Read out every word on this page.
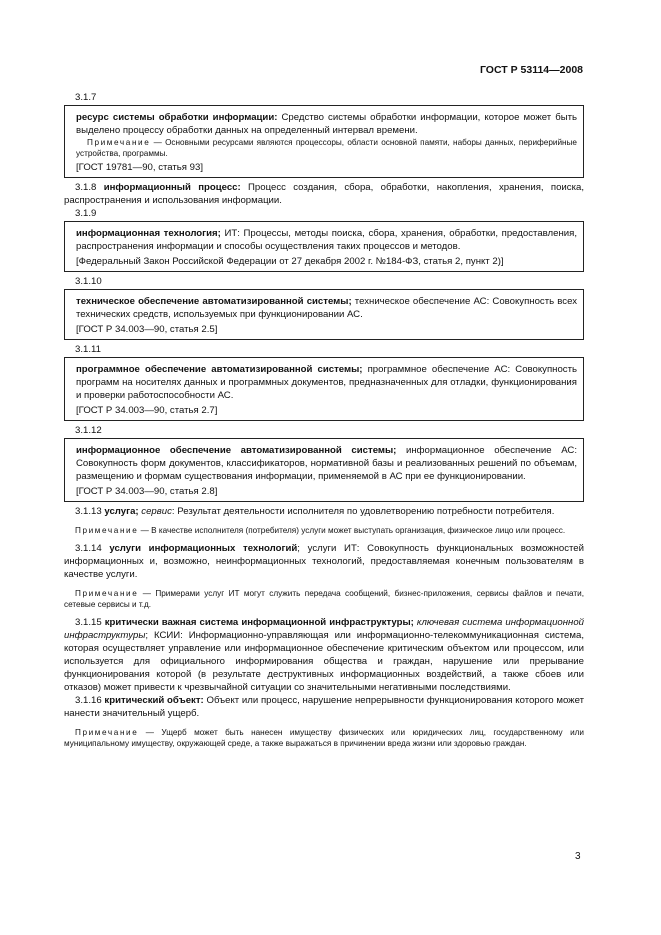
ГОСТ Р 53114—2008

3.1.7

ресурс системы обработки информации: Средство системы обработки информации, которое может быть выделено процессу обработки данных на определенный интервал времени.

Примечание — Основными ресурсами являются процессоры, области основной памяти, наборы данных, периферийные устройства, программы.

[ГОСТ 19781—90, статья 93]

3.1.8 информационный процесс: Процесс создания, сбора, обработки, накопления, хранения, поиска, распространения и использования информации.

3.1.9

информационная технология; ИТ: Процессы, методы поиска, сбора, хранения, обработки, предоставления, распространения информации и способы осуществления таких процессов и методов.

[Федеральный Закон Российской Федерации от 27 декабря 2002 г. №184-ФЗ, статья 2, пункт 2)]

3.1.10

техническое обеспечение автоматизированной системы; техническое обеспечение АС: Совокупность всех технических средств, используемых при функционировании АС.

[ГОСТ Р 34.003—90, статья 2.5]

3.1.11

программное обеспечение автоматизированной системы; программное обеспечение АС: Совокупность программ на носителях данных и программных документов, предназначенных для отладки, функционирования и проверки работоспособности АС.

[ГОСТ Р 34.003—90, статья 2.7]

3.1.12

информационное обеспечение автоматизированной системы; информационное обеспечение АС: Совокупность форм документов, классификаторов, нормативной базы и реализованных решений по объемам, размещению и формам существования информации, применяемой в АС при ее функционировании.

[ГОСТ Р 34.003—90, статья 2.8]

3.1.13 услуга; сервис: Результат деятельности исполнителя по удовлетворению потребности потребителя.

Примечание — В качестве исполнителя (потребителя) услуги может выступать организация, физическое лицо или процесс.

3.1.14 услуги информационных технологий; услуги ИТ: Совокупность функциональных возможностей информационных и, возможно, неинформационных технологий, предоставляемая конечным пользователям в качестве услуги.

Примечание — Примерами услуг ИТ могут служить передача сообщений, бизнес-приложения, сервисы файлов и печати, сетевые сервисы и т.д.

3.1.15 критически важная система информационной инфраструктуры; ключевая система информационной инфраструктуры; КСИИ: Информационно-управляющая или информационно-телекоммуникационная система, которая осуществляет управление или информационное обеспечение критическим объектом или процессом, или используется для официального информирования общества и граждан, нарушение или прерывание функционирования которой (в результате деструктивных информационных воздействий, а также сбоев или отказов) может привести к чрезвычайной ситуации со значительными негативными последствиями.

3.1.16 критический объект: Объект или процесс, нарушение непрерывности функционирования которого может нанести значительный ущерб.

Примечание — Ущерб может быть нанесен имуществу физических или юридических лиц, государственному или муниципальному имуществу, окружающей среде, а также выражаться в причинении вреда жизни или здоровью граждан.

3
